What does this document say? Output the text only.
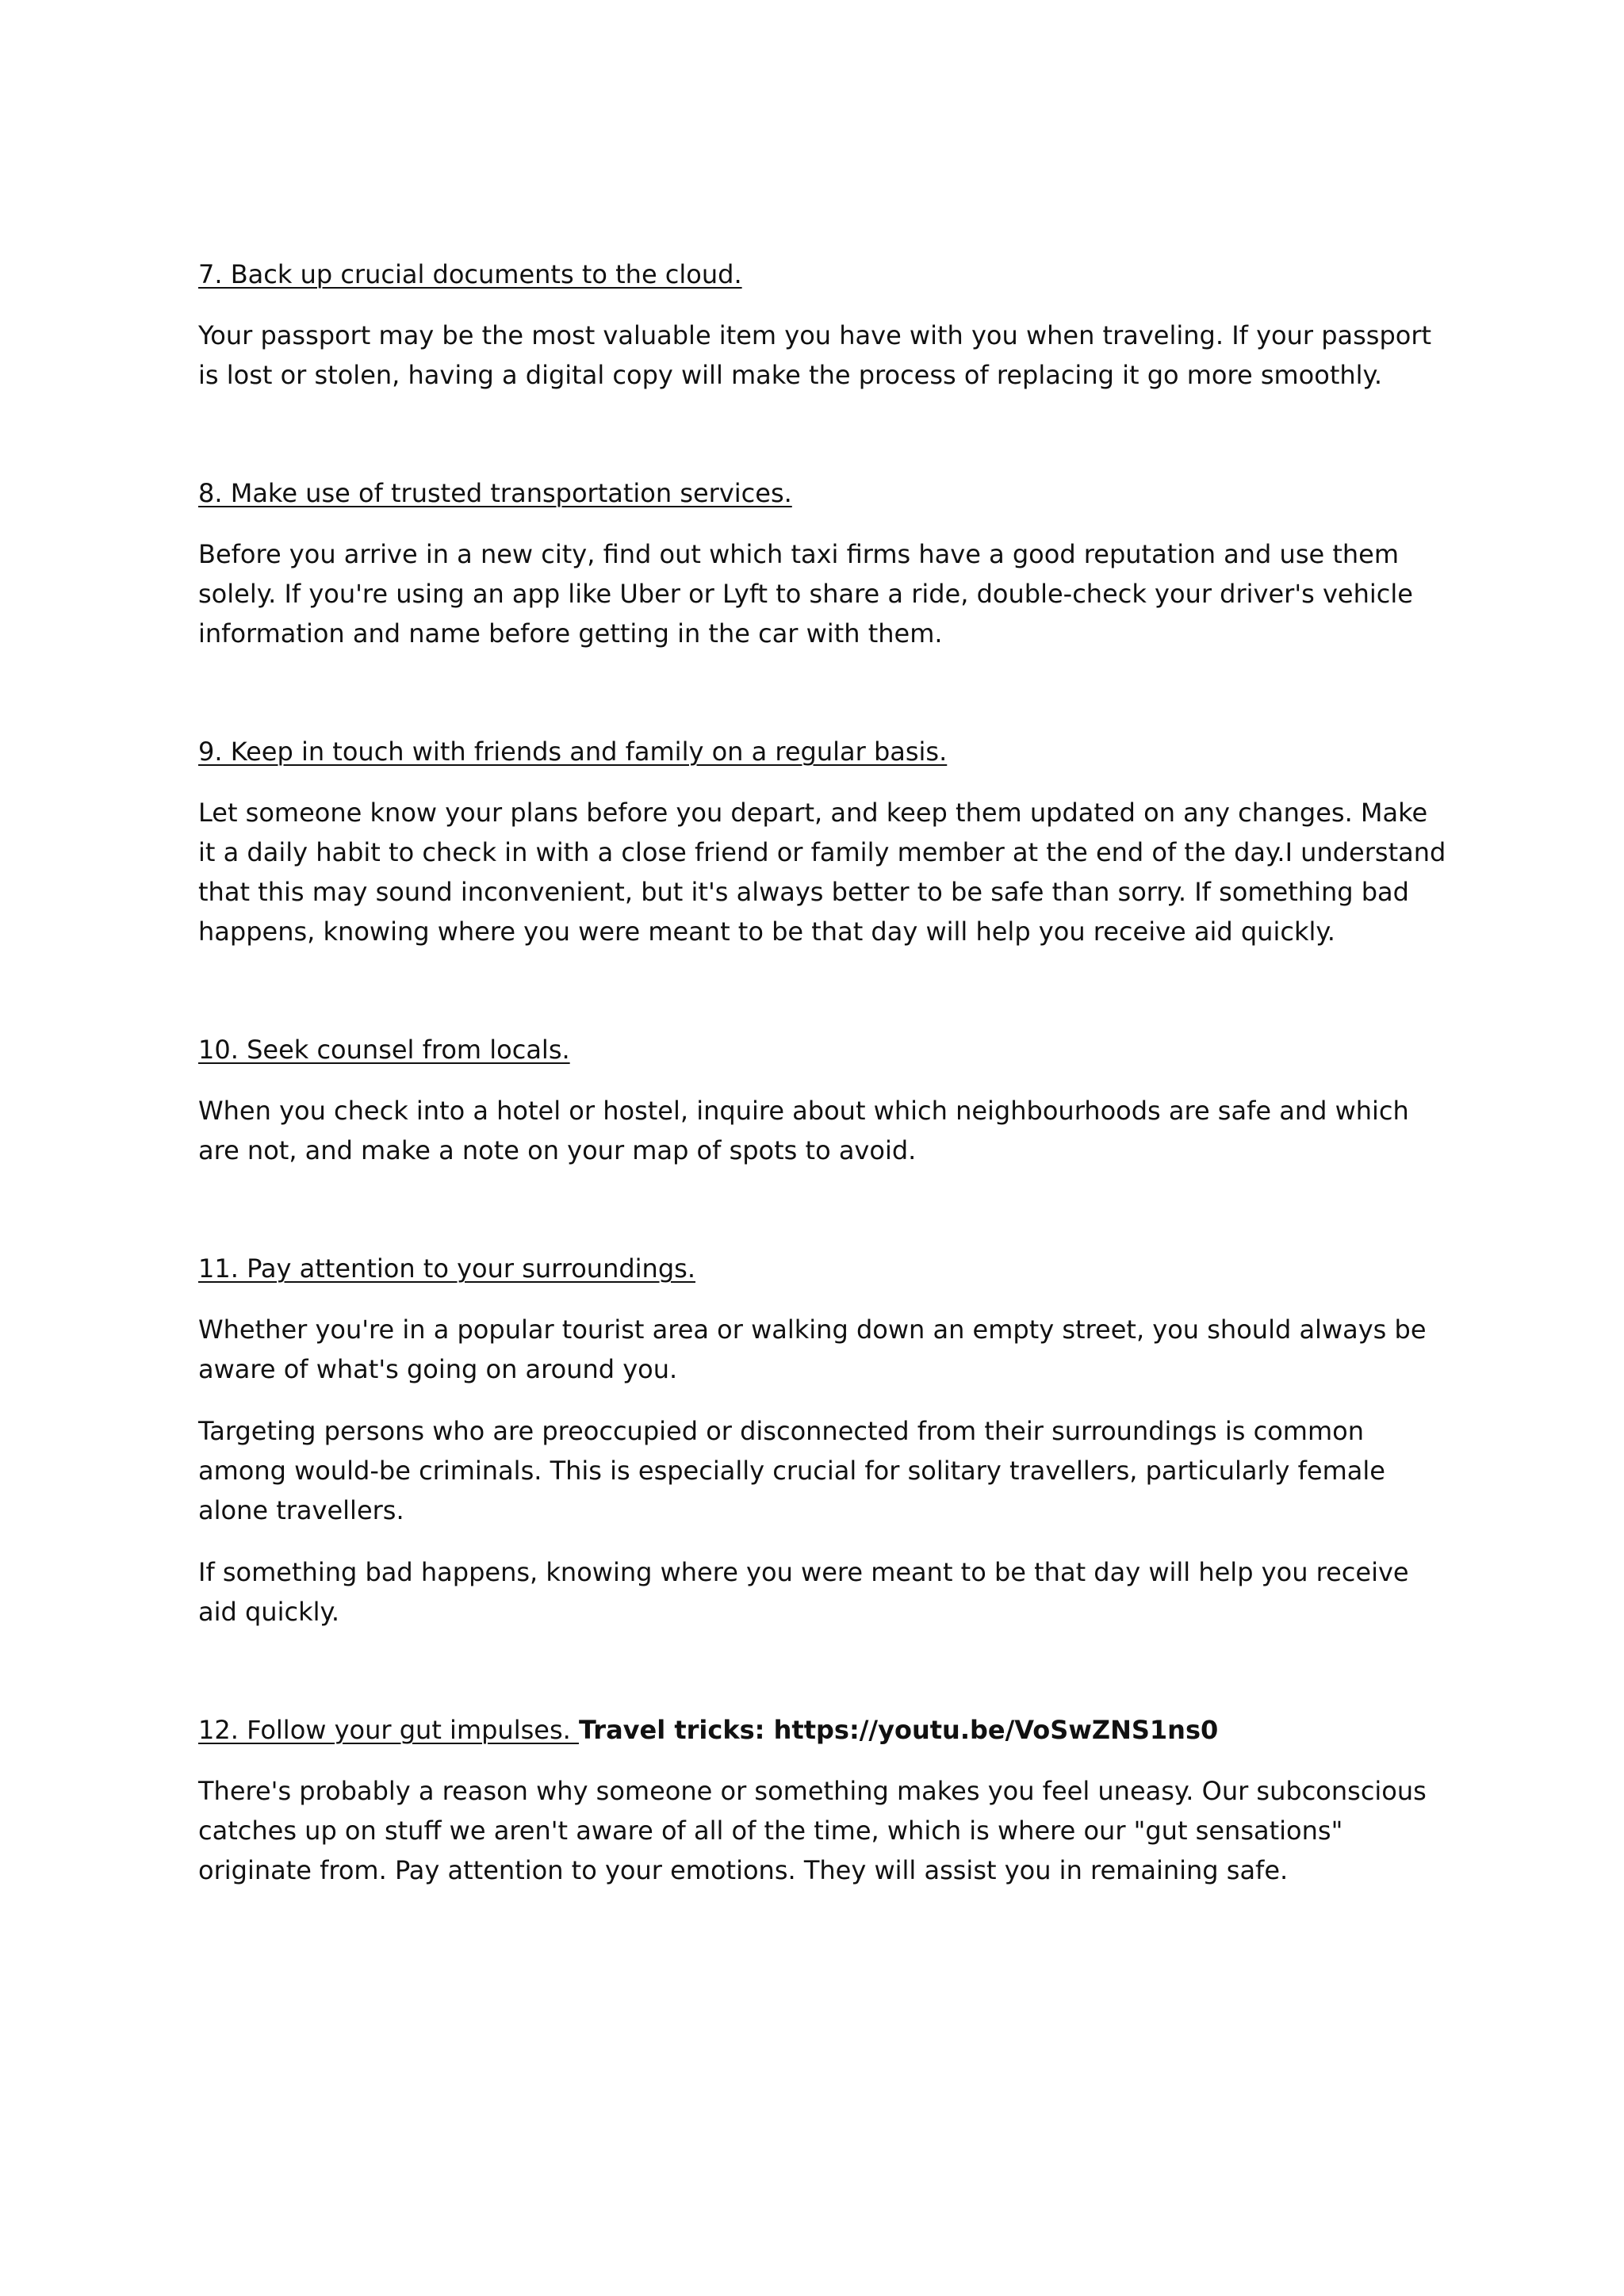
7. Back up crucial documents to the cloud.

Your passport may be the most valuable item you have with you when traveling. If your passport is lost or stolen, having a digital copy will make the process of replacing it go more smoothly.

8. Make use of trusted transportation services.

Before you arrive in a new city, find out which taxi firms have a good reputation and use them solely. If you're using an app like Uber or Lyft to share a ride, double-check your driver's vehicle information and name before getting in the car with them.

9. Keep in touch with friends and family on a regular basis.

Let someone know your plans before you depart, and keep them updated on any changes. Make it a daily habit to check in with a close friend or family member at the end of the day.I understand that this may sound inconvenient, but it's always better to be safe than sorry. If something bad happens, knowing where you were meant to be that day will help you receive aid quickly.

10. Seek counsel from locals.

When you check into a hotel or hostel, inquire about which neighbourhoods are safe and which are not, and make a note on your map of spots to avoid.

11. Pay attention to your surroundings.

Whether you're in a popular tourist area or walking down an empty street, you should always be aware of what's going on around you.

Targeting persons who are preoccupied or disconnected from their surroundings is common among would-be criminals. This is especially crucial for solitary travellers, particularly female alone travellers.

If something bad happens, knowing where you were meant to be that day will help you receive aid quickly.

12. Follow your gut impulses. Travel tricks: https://youtu.be/VoSwZNS1ns0

There's probably a reason why someone or something makes you feel uneasy. Our subconscious catches up on stuff we aren't aware of all of the time, which is where our "gut sensations" originate from. Pay attention to your emotions. They will assist you in remaining safe.
